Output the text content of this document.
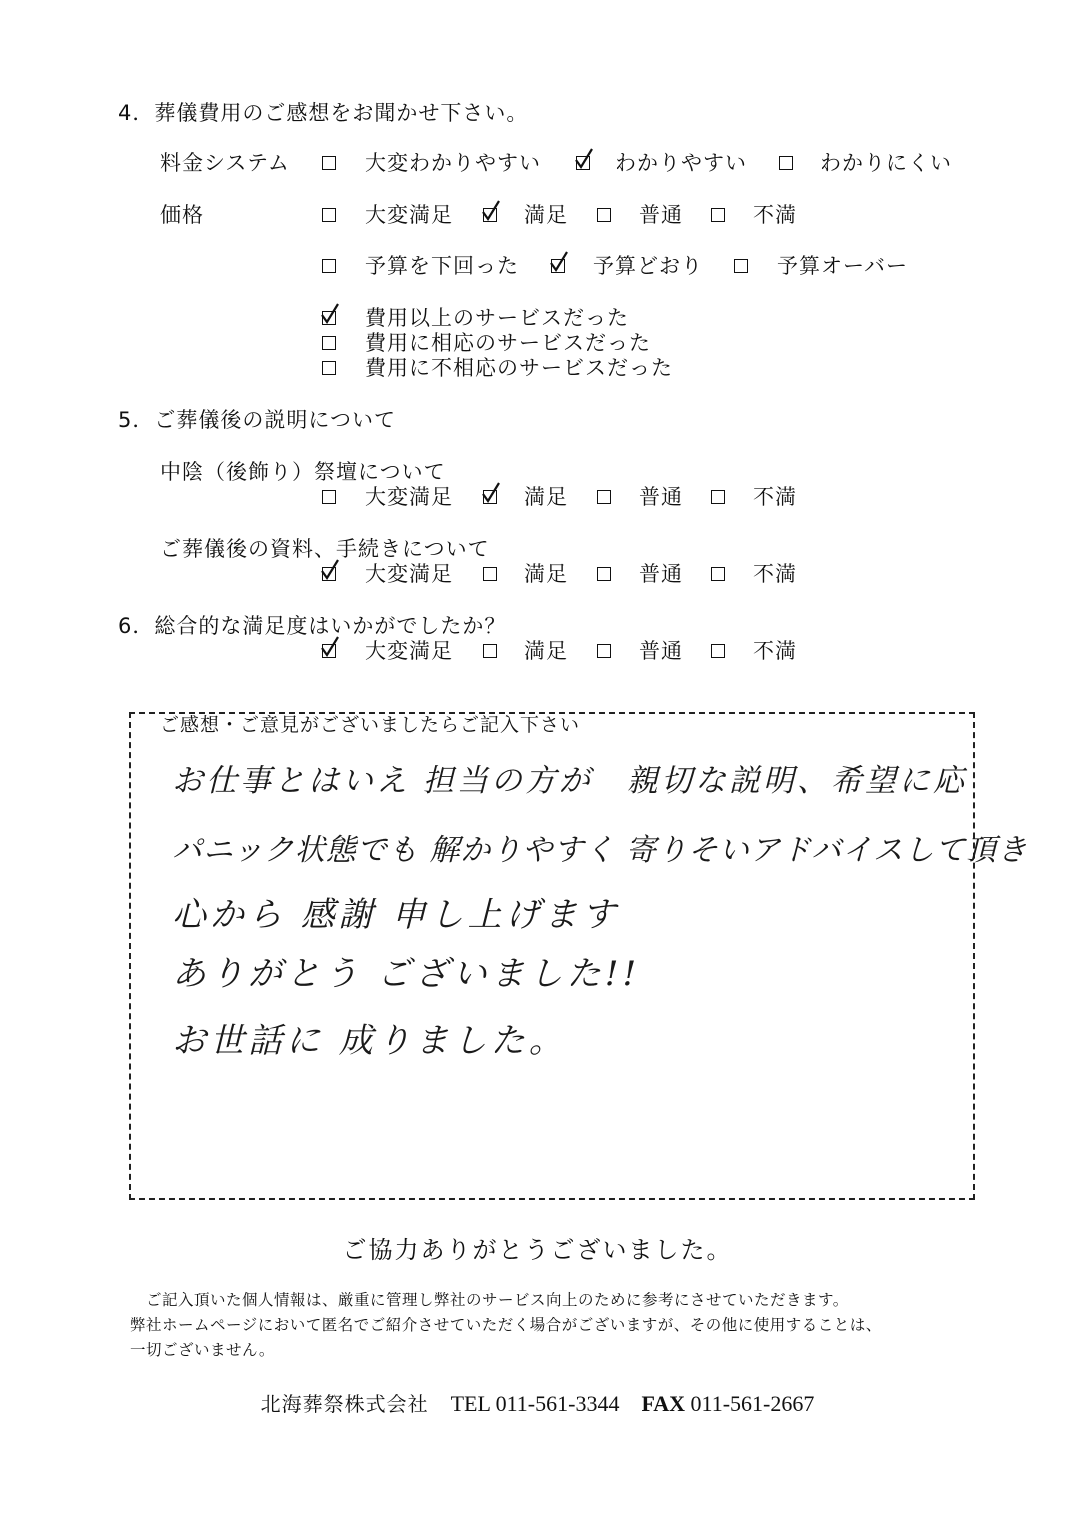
4．葬儀費用のご感想をお聞かせ下さい。
料金システム	大変わかりやすい	わかりやすい	わかりにくい
価格	大変満足	満足	普通	不満
予算を下回った	予算どおり	予算オーバー
費用以上のサービスだった
費用に相応のサービスだった
費用に不相応のサービスだった
5．ご葬儀後の説明について
中陰（後飾り）祭壇について
大変満足	満足	普通	不満
ご葬儀後の資料、手続きについて
大変満足	満足	普通	不満
6．総合的な満足度はいかがでしたか？
大変満足	満足	普通	不満
ご感想・ご意見がございましたらご記入下さい
お仕事とはいえ 担当の方が　親切な説明、希望に応
パニック状態でも 解かりやすく 寄りそいアドバイスして頂き
心から 感謝 申し上げます
ありがとう ございました!!
お世話に 成りました。
ご協力ありがとうございました。
ご記入頂いた個人情報は、厳重に管理し弊社のサービス向上のために参考にさせていただきます。
弊社ホームページにおいて匿名でご紹介させていただく場合がございますが、その他に使用することは、
一切ございません。
北海葬祭株式会社 TEL 011-561-3344 FAX 011-561-2667
